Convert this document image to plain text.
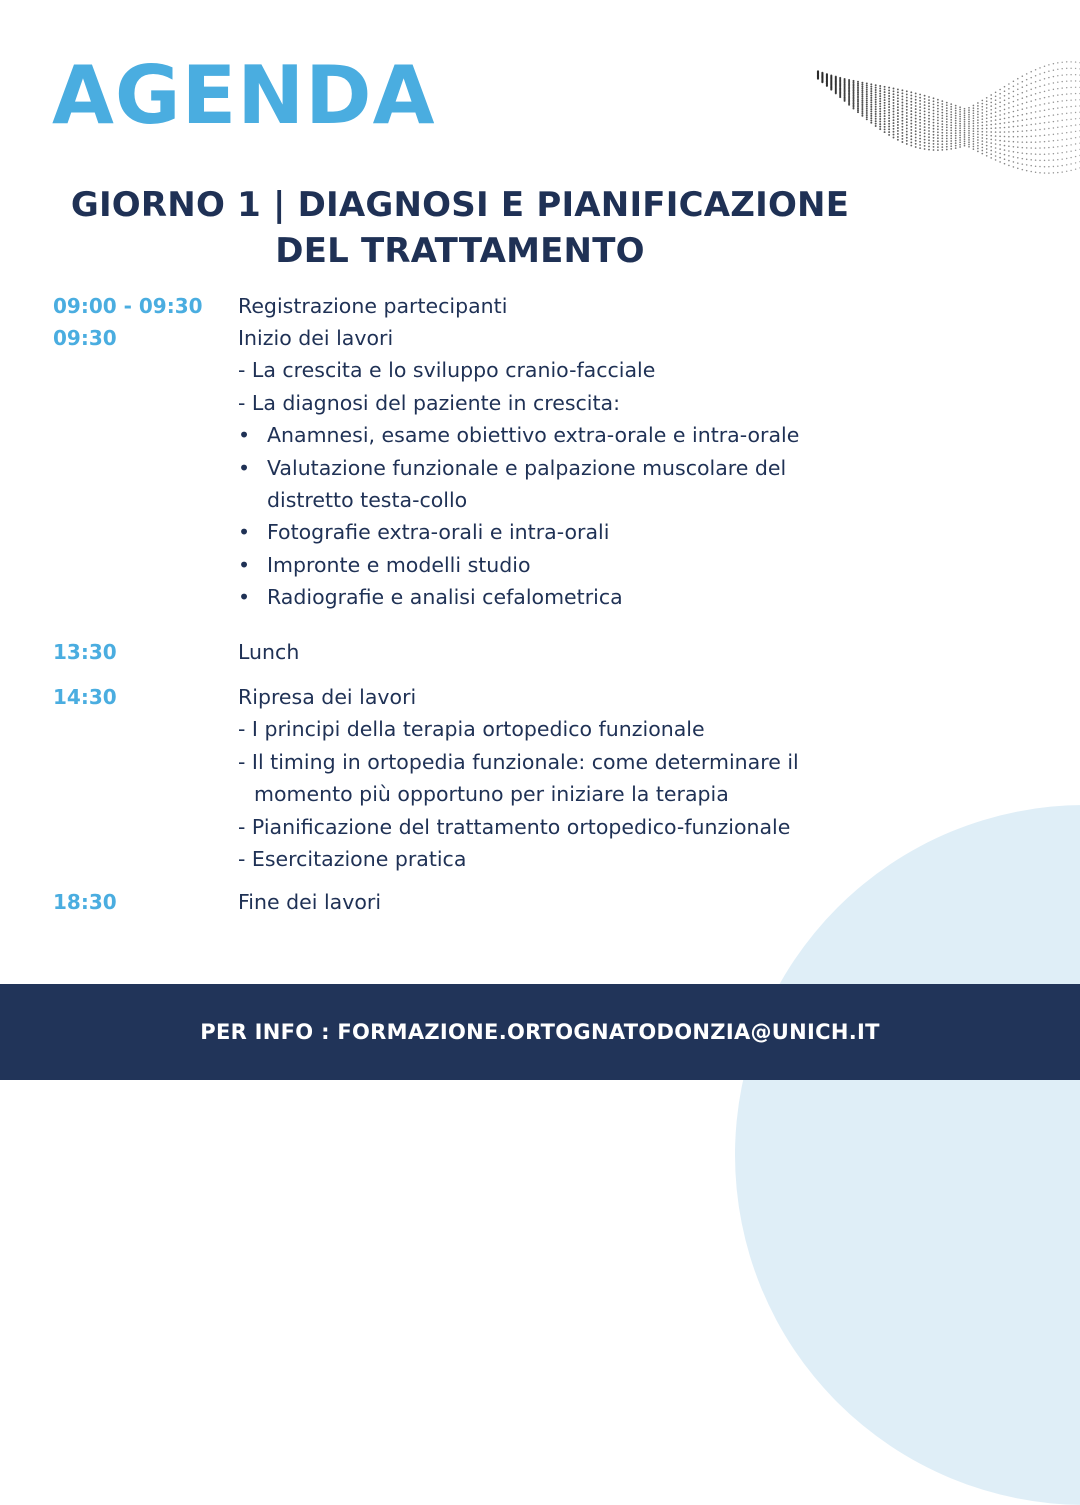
AGENDA
GIORNO 1 | DIAGNOSI E PIANIFICAZIONE
DEL TRATTAMENTO
09:00 - 09:30 Registrazione partecipanti
09:30	Inizio dei lavori
- La crescita e lo sviluppo cranio-facciale
- La diagnosi del paziente in crescita:
• Anamnesi, esame obiettivo extra-orale e intra-orale
• Valutazione funzionale e palpazione muscolare del
distretto testa-collo
• Fotografie extra-orali e intra-orali
• Impronte e modelli studio
• Radiografie e analisi cefalometrica
13:30	Lunch
14:30	Ripresa dei lavori
- I principi della terapia ortopedico funzionale
- Il timing in ortopedia funzionale: come determinare il
momento più opportuno per iniziare la terapia
- Pianificazione del trattamento ortopedico-funzionale
- Esercitazione pratica
18:30	Fine dei lavori
PER INFO : FORMAZIONE.ORTOGNATODONZIA@UNICH.IT
